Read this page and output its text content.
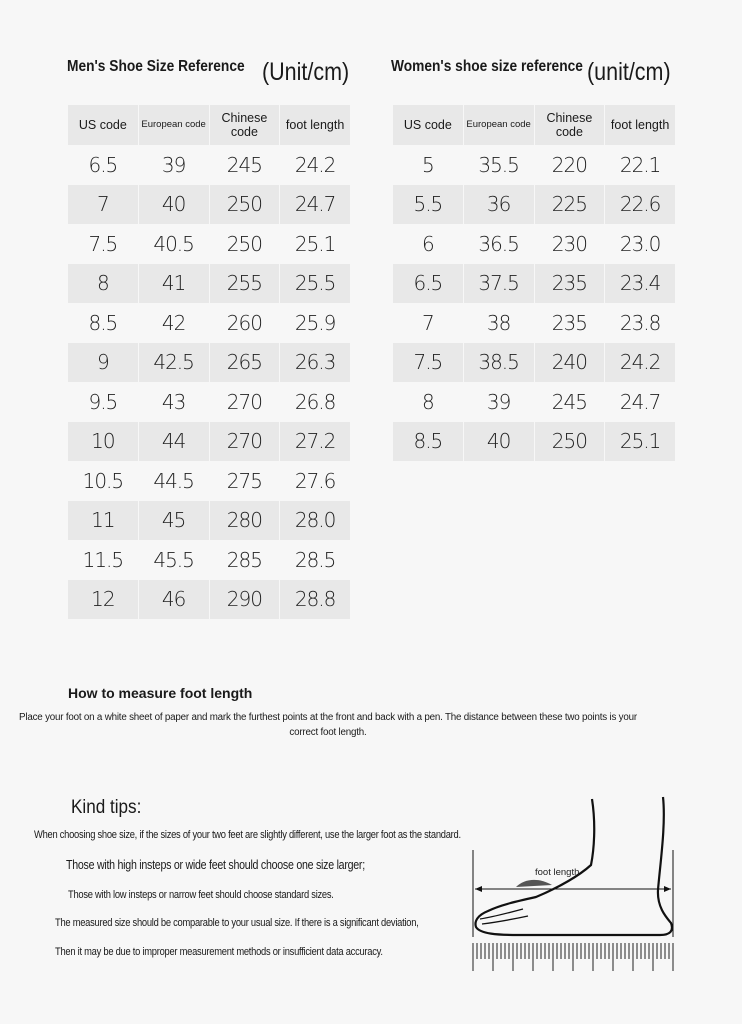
Men's Shoe Size Reference (Unit/cm)	Women's shoe size reference (unit/cm)
US code	European code	Chinese code	foot length
6.5	39	245	24.2
7	40	250	24.7
7.5	40.5	250	25.1
8	41	255	25.5
8.5	42	260	25.9
9	42.5	265	26.3
9.5	43	270	26.8
10	44	270	27.2
10.5	44.5	275	27.6
11	45	280	28.0
11.5	45.5	285	28.5
12	46	290	28.8
US code	European code	Chinese code	foot length
5	35.5	220	22.1
5.5	36	225	22.6
6	36.5	230	23.0
6.5	37.5	235	23.4
7	38	235	23.8
7.5	38.5	240	24.2
8	39	245	24.7
8.5	40	250	25.1
How to measure foot length
Place your foot on a white sheet of paper and mark the furthest points at the front and back with a pen. The distance between these two points is your correct foot length.
Kind tips:
When choosing shoe size, if the sizes of your two feet are slightly different, use the larger foot as the standard.
Those with high insteps or wide feet should choose one size larger;
Those with low insteps or narrow feet should choose standard sizes.
The measured size should be comparable to your usual size. If there is a significant deviation,
Then it may be due to improper measurement methods or insufficient data accuracy.
foot length
